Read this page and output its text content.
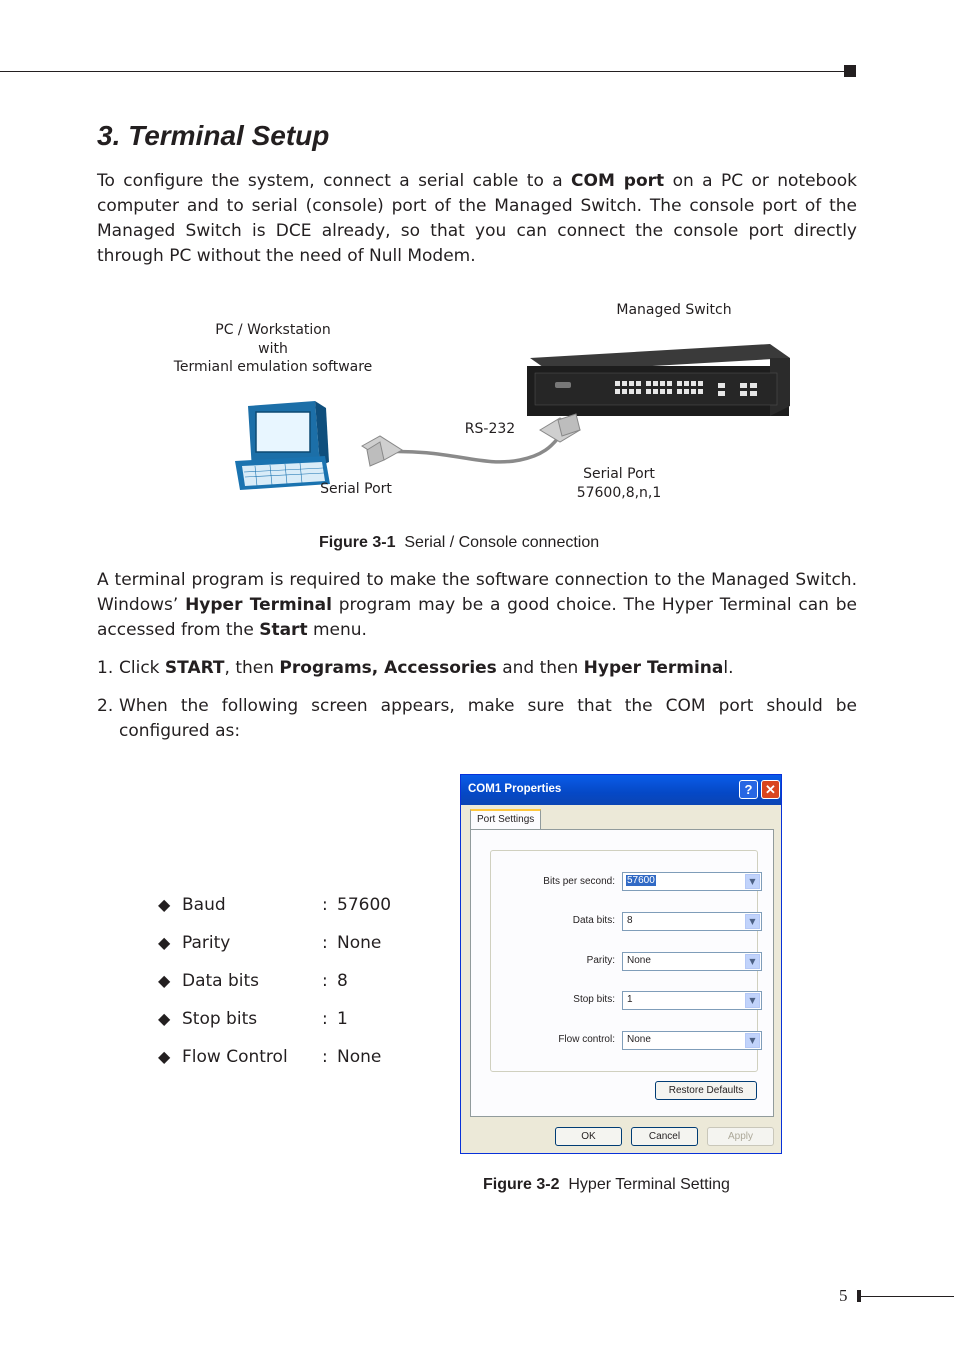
3. Terminal Setup

To configure the system, connect a serial cable to a COM port on a PC or notebook computer and to serial (console) port of the Managed Switch. The console port of the Managed Switch is DCE already, so that you can connect the console port directly through PC without the need of Null Modem.

PC / Workstation
with
Termianl emulation software
Managed Switch
RS-232
Serial Port
Serial Port
57600,8,n,1
Figure 3-1 Serial / Console connection

A terminal program is required to make the software connection to the Managed Switch. Windows’ Hyper Terminal program may be a good choice. The Hyper Terminal can be accessed from the Start menu.

1. Click START, then Programs, Accessories and then Hyper Terminal.
2. When the following screen appears, make sure that the COM port should be configured as:
◆ Baud	: 57600
◆ Parity	: None
◆ Data bits	: 8
◆ Stop bits	: 1
◆ Flow Control : None
COM1 Properties	? ✕
Port Settings
Bits per second: 57600	▼
Data bits: 8	▼
Parity: None	▼
Stop bits: 1	▼
Flow control: None	▼
Restore Defaults
OK	Cancel	Apply
Figure 3-2 Hyper Terminal Setting
5
